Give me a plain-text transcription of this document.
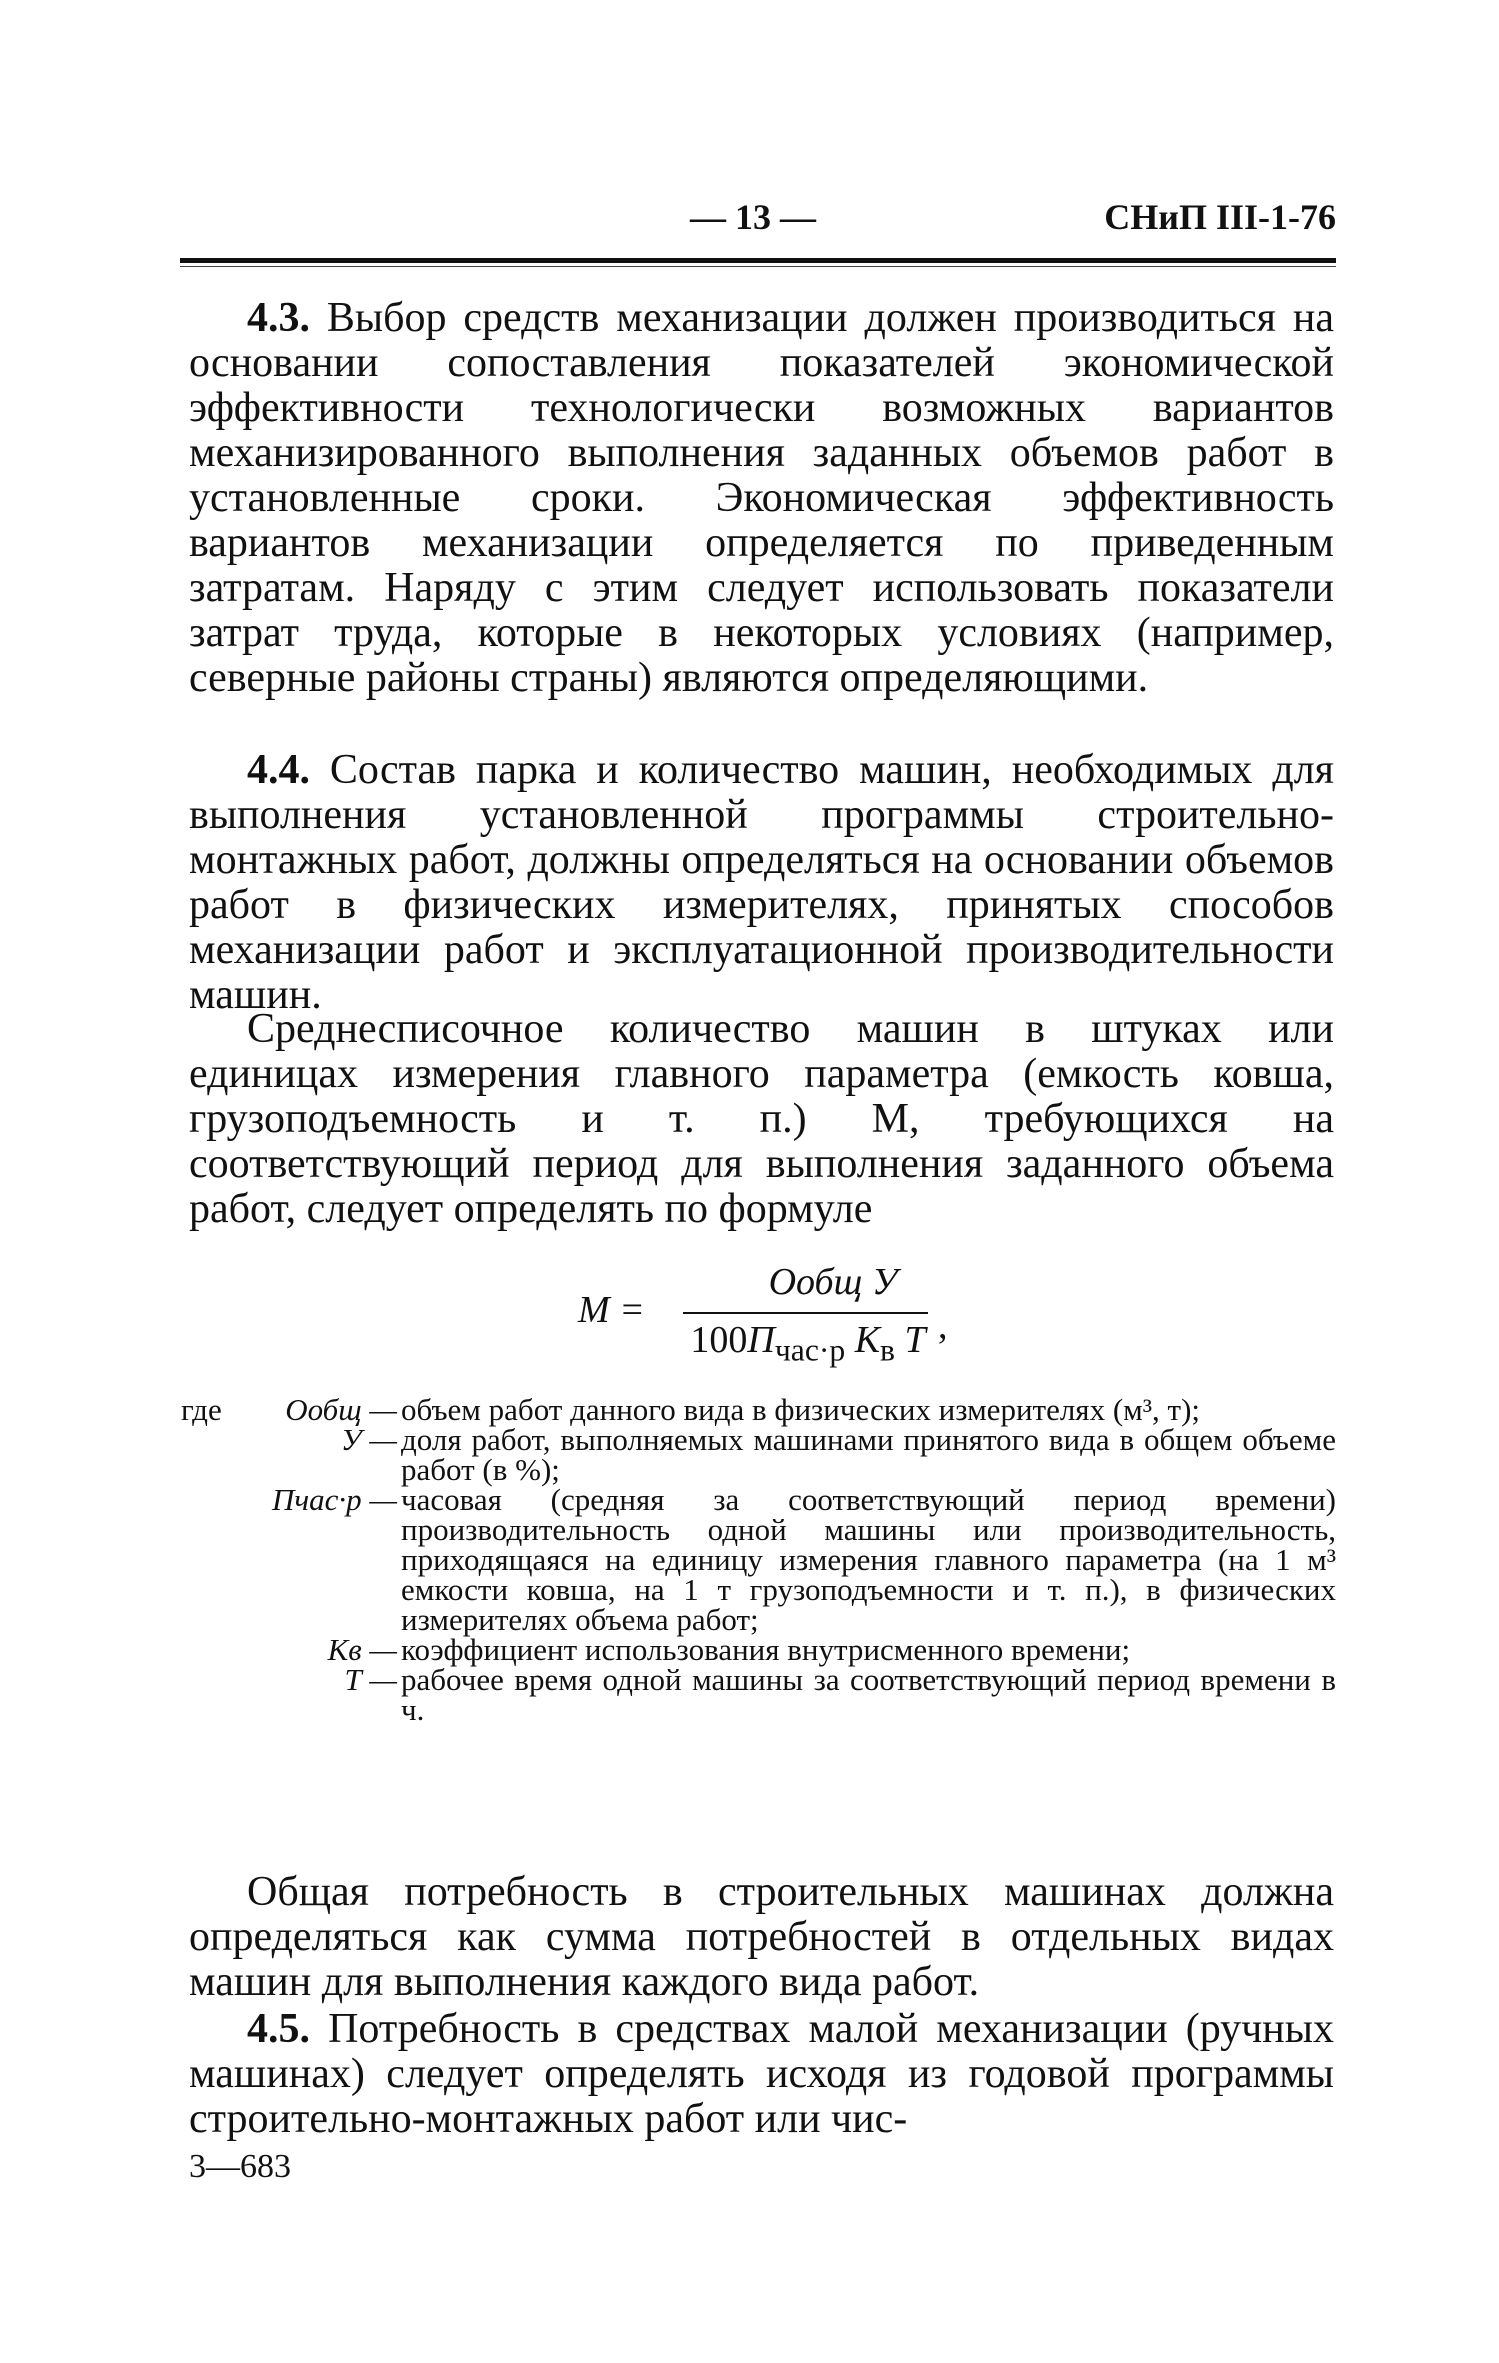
— 13 —	СНиП III-1-76
4.3. Выбор средств механизации должен производиться на основании сопоставления показателей экономической эффективности технологически возможных вариантов механизированного выполнения заданных объемов работ в установленные сроки. Экономическая эффективность вариантов механизации определяется по приведенным затратам. Наряду с этим следует использовать показатели затрат труда, которые в некоторых условиях (например, северные районы страны) являются определяющими.
4.4. Состав парка и количество машин, необходимых для выполнения установленной программы строительно-монтажных работ, должны определяться на основании объемов работ в физических измерителях, принятых способов механизации работ и эксплуатационной производительности машин.
Среднесписочное количество машин в штуках или единицах измерения главного параметра (емкость ковша, грузоподъемность и т. п.) М, требующихся на соответствующий период для выполнения заданного объема работ, следует определять по формуле
М =
Oобщ У
$100П_{час\cdot р}$ $К_в$ Т ,
где	Oобщ — объем работ данного вида в физических измерителях (м³, т);
У — доля работ, выполняемых машинами принятого вида в общем объеме работ (в %);
Пчас·р — часовая (средняя за соответствующий период времени) производительность одной машины или производительность, приходящаяся на единицу измерения главного параметра (на 1 м³ емкости ковша, на 1 т грузоподъемности и т. п.), в физических измерителях объема работ;
Кв — коэффициент использования внутрисменного времени;
Т — рабочее время одной машины за соответствующий период времени в ч.
Общая потребность в строительных машинах должна определяться как сумма потребностей в отдельных видах машин для выполнения каждого вида работ.
4.5. Потребность в средствах малой механизации (ручных машинах) следует определять исходя из годовой программы строительно-монтажных работ или чис-
3—683
